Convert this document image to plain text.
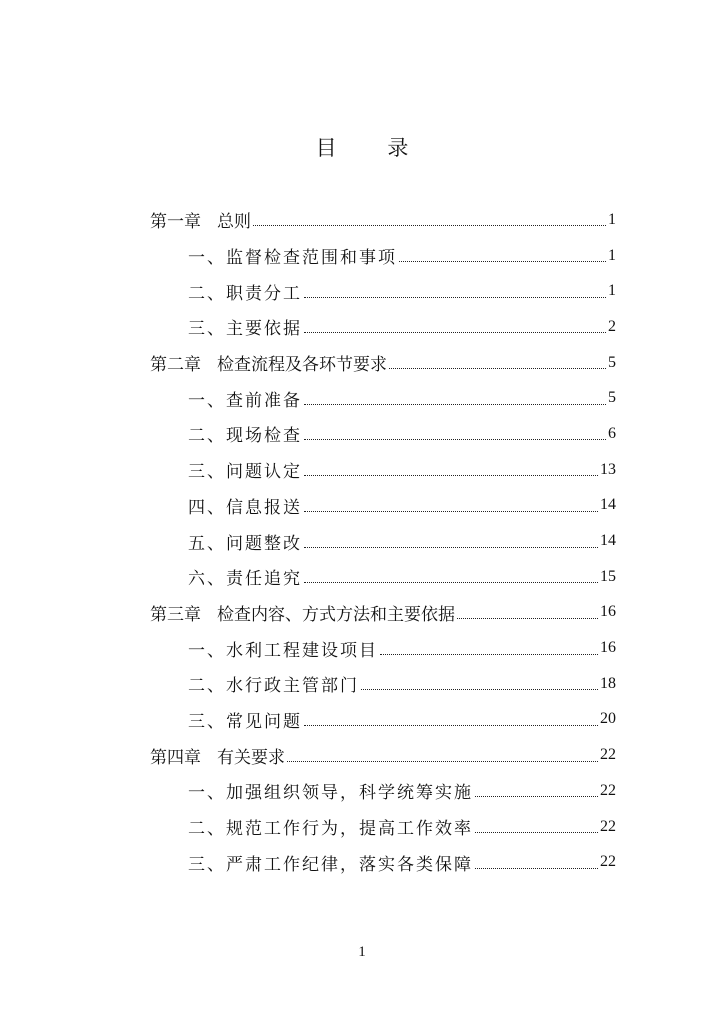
目 录
第一章 总则	1
一、 监督检查范围和事项	1
二、 职责分工	1
三、 主要依据	2
第二章 检查流程及各环节要求	5
一、 查前准备	5
二、 现场检查	6
三、 问题认定	13
四、 信息报送	14
五、 问题整改	14
六、 责任追究	15
第三章 检查内容、方式方法和主要依据	16
一、 水利工程建设项目	16
二、 水行政主管部门	18
三、 常见问题	20
第四章 有关要求	22
一、 加强组织领导，科学统筹实施	22
二、 规范工作行为，提高工作效率	22
三、 严肃工作纪律，落实各类保障	22
1
